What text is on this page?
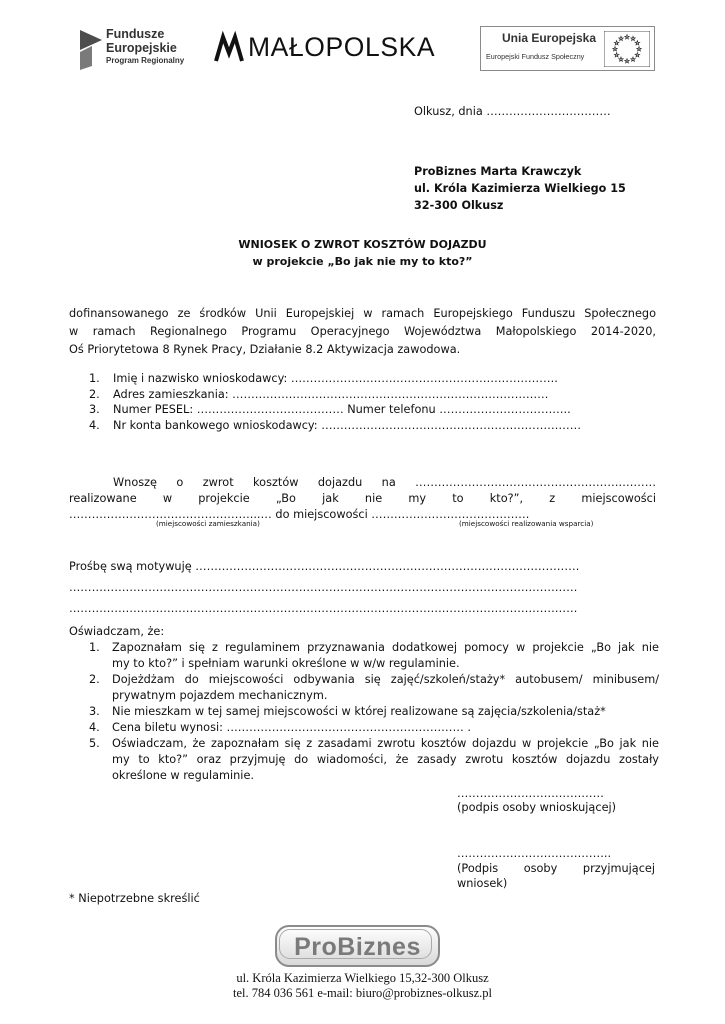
Fundusze
Europejskie
Program Regionalny MAŁOPOLSKA	Unia Europejska
Europejski Fundusz Społeczny
Olkusz, dnia ……………………………
ProBiznes Marta Krawczyk
ul. Króla Kazimierza Wielkiego 15
32-300 Olkusz
WNIOSEK O ZWROT KOSZTÓW DOJAZDU
w projekcie „Bo jak nie my to kto?”
dofinansowanego ze środków Unii Europejskiej w ramach Europejskiego Funduszu Społecznego
w ramach Regionalnego Programu Operacyjnego Województwa Małopolskiego 2014-2020,
Oś Priorytetowa 8 Rynek Pracy, Działanie 8.2 Aktywizacja zawodowa.
1. Imię i nazwisko wnioskodawcy: ……………………….…………………………………….
2. Adres zamieszkania: …………………………………………………………………………
3. Numer PESEL: ………………………………… Numer telefonu ……………………………..
4. Nr konta bankowego wnioskodawcy: ……………………………………………………………
Wnoszę o zwrot kosztów dojazdu na ……………………………………………….………
realizowane w projekcie „Bo jak nie my to kto?”, z miejscowości
…………………………………………...… do miejscowości ……………………………………
(miejscowości zamieszkania)	(miejscowości realizowania wsparcia)
Prośbę swą motywuję …………………………………………………………………………………………
………………………………………………………………………………………………………………………
………………………………………………………………………………………………………………………
Oświadczam, że:
1. Zapoznałam się z regulaminem przyznawania dodatkowej pomocy w projekcie „Bo jak nie
my to kto?” i spełniam warunki określone w w/w regulaminie.
2. Dojeżdżam do miejscowości odbywania się zajęć/szkoleń/staży* autobusem/ minibusem/
prywatnym pojazdem mechanicznym.
3. Nie mieszkam w tej samej miejscowości w której realizowane są zajęcia/szkolenia/staż*
4. Cena biletu wynosi: ……………………………………………………… .
5. Oświadczam, że zapoznałam się z zasadami zwrotu kosztów dojazdu w projekcie „Bo jak nie
my to kto?” oraz przyjmuję do wiadomości, że zasady zwrotu kosztów dojazdu zostały
określone w regulaminie.
…………………………………
(podpis osoby wnioskującej)
…………………………………..
(Podpis osoby przyjmującej
wniosek)
* Niepotrzebne skreślić
ProBiznes
ul. Króla Kazimierza Wielkiego 15,32-300 Olkusz
tel. 784 036 561 e-mail: biuro@probiznes-olkusz.pl
